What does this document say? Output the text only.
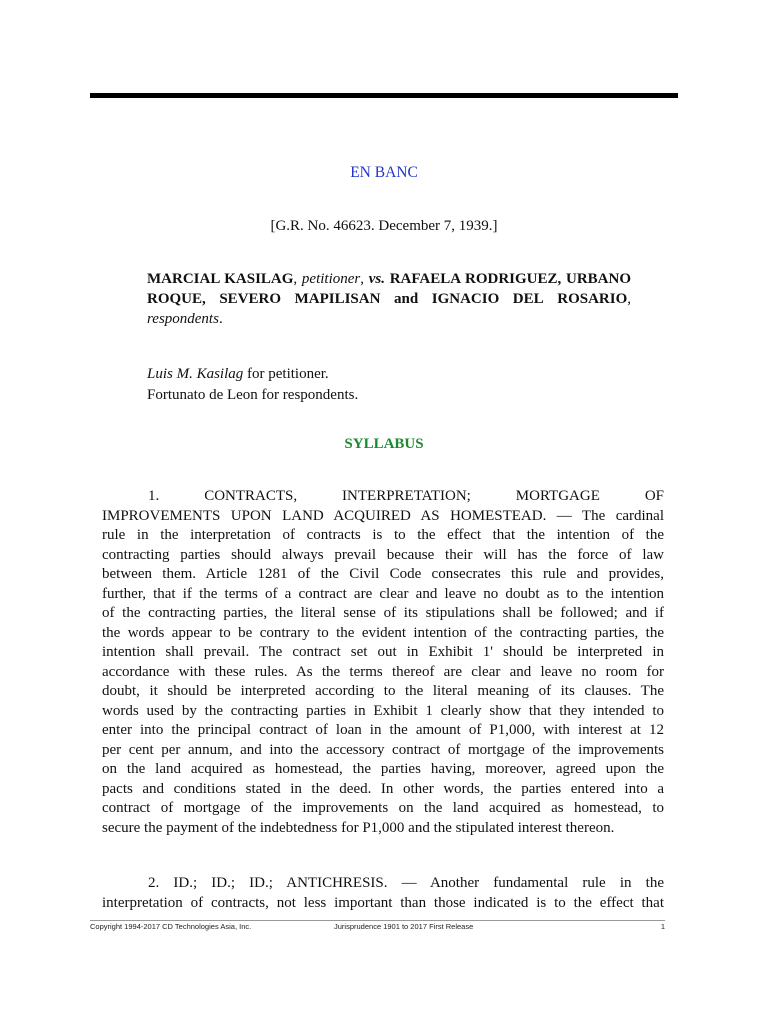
EN BANC
[G.R. No. 46623. December 7, 1939.]
MARCIAL KASILAG, petitioner, vs. RAFAELA RODRIGUEZ, URBANO ROQUE, SEVERO MAPILISAN and IGNACIO DEL ROSARIO, respondents.
Luis M. Kasilag for petitioner.
Fortunato de Leon for respondents.
SYLLABUS
1. CONTRACTS, INTERPRETATION; MORTGAGE OF
IMPROVEMENTS UPON LAND ACQUIRED AS HOMESTEAD. — The cardinal
rule in the interpretation of contracts is to the effect that the intention of the
contracting parties should always prevail because their will has the force of law
between them. Article 1281 of the Civil Code consecrates this rule and provides,
further, that if the terms of a contract are clear and leave no doubt as to the intention
of the contracting parties, the literal sense of its stipulations shall be followed; and if
the words appear to be contrary to the evident intention of the contracting parties, the
intention shall prevail. The contract set out in Exhibit 1' should be interpreted in
accordance with these rules. As the terms thereof are clear and leave no room for
doubt, it should be interpreted according to the literal meaning of its clauses. The
words used by the contracting parties in Exhibit 1 clearly show that they intended to
enter into the principal contract of loan in the amount of P1,000, with interest at 12
per cent per annum, and into the accessory contract of mortgage of the improvements
on the land acquired as homestead, the parties having, moreover, agreed upon the
pacts and conditions stated in the deed. In other words, the parties entered into a
contract of mortgage of the improvements on the land acquired as homestead, to
secure the payment of the indebtedness for P1,000 and the stipulated interest thereon.
2. ID.; ID.; ID.; ANTICHRESIS. — Another fundamental rule in the
interpretation of contracts, not less important than those indicated is to the effect that
Copyright 1994-2017 CD Technologies Asia, Inc.	Jurisprudence 1901 to 2017 First Release	1
